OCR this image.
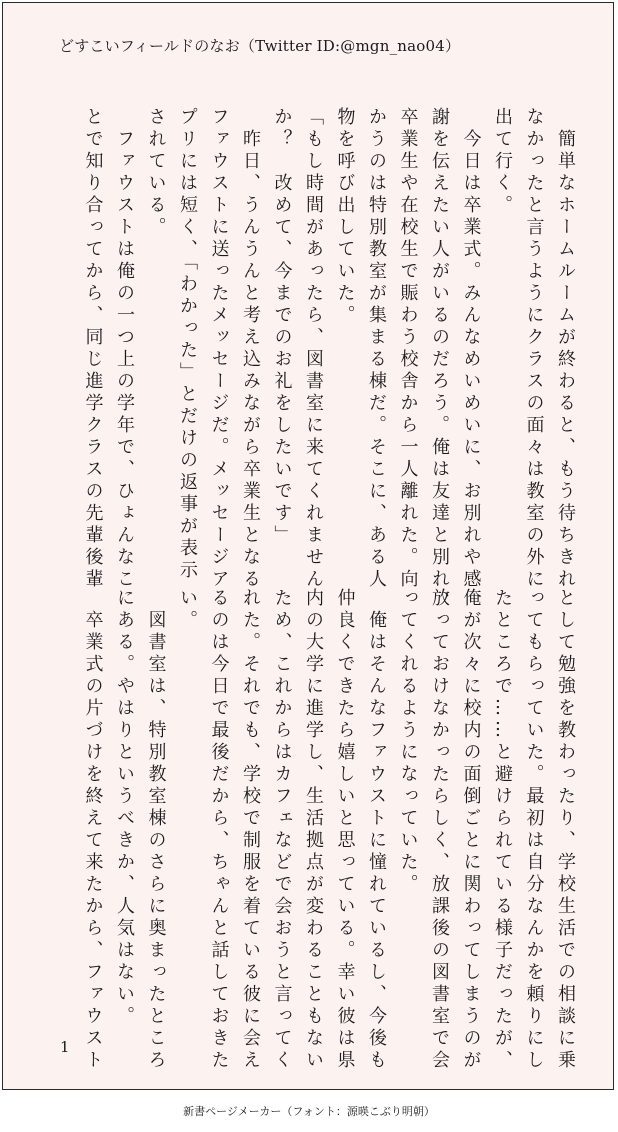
どすこいフィールドのなお（Twitter ID:@mgn_nao04）
　簡単なホームルームが終わると、もう待ちきれ
なかったと言うようにクラスの面々は教室の外に
出て行く。
　今日は卒業式。みんなめいめいに、お別れや感
謝を伝えたい人がいるのだろう。俺は友達と別れ、
卒業生や在校生で賑わう校舎から一人離れた。向
かうのは特別教室が集まる棟だ。そこに、ある人
物を呼び出していた。
「もし時間があったら、図書室に来てくれません
か？　改めて、今までのお礼をしたいです」
　昨日、うんうんと考え込みながら卒業生となる
ファウストに送ったメッセージだ。メッセージア
プリには短く、「わかった」とだけの返事が表示
されている。
　ファウストは俺の一つ上の学年で、ひょんなこ
とで知り合ってから、同じ進学クラスの先輩後輩
として勉強を教わったり、学校生活での相談に乗
ってもらっていた。最初は自分なんかを頼りにし
たところで……と避けられている様子だったが、
俺が次々に校内の面倒ごとに関わってしまうのが
放っておけなかったらしく、放課後の図書室で会
ってくれるようになっていた。
　俺はそんなファウストに憧れているし、今後も
仲良くできたら嬉しいと思っている。幸い彼は県
内の大学に進学し、生活拠点が変わることもない
ため、これからはカフェなどで会おうと言ってく
れた。それでも、学校で制服を着ている彼に会え
るのは今日で最後だから、ちゃんと話しておきた
い。
　図書室は、特別教室棟のさらに奥まったところ
にある。やはりというべきか、人気はない。
　卒業式の片づけを終えて来たから、ファウスト
1
新書ページメーカー（フォント：源暎こぶり明朝）
